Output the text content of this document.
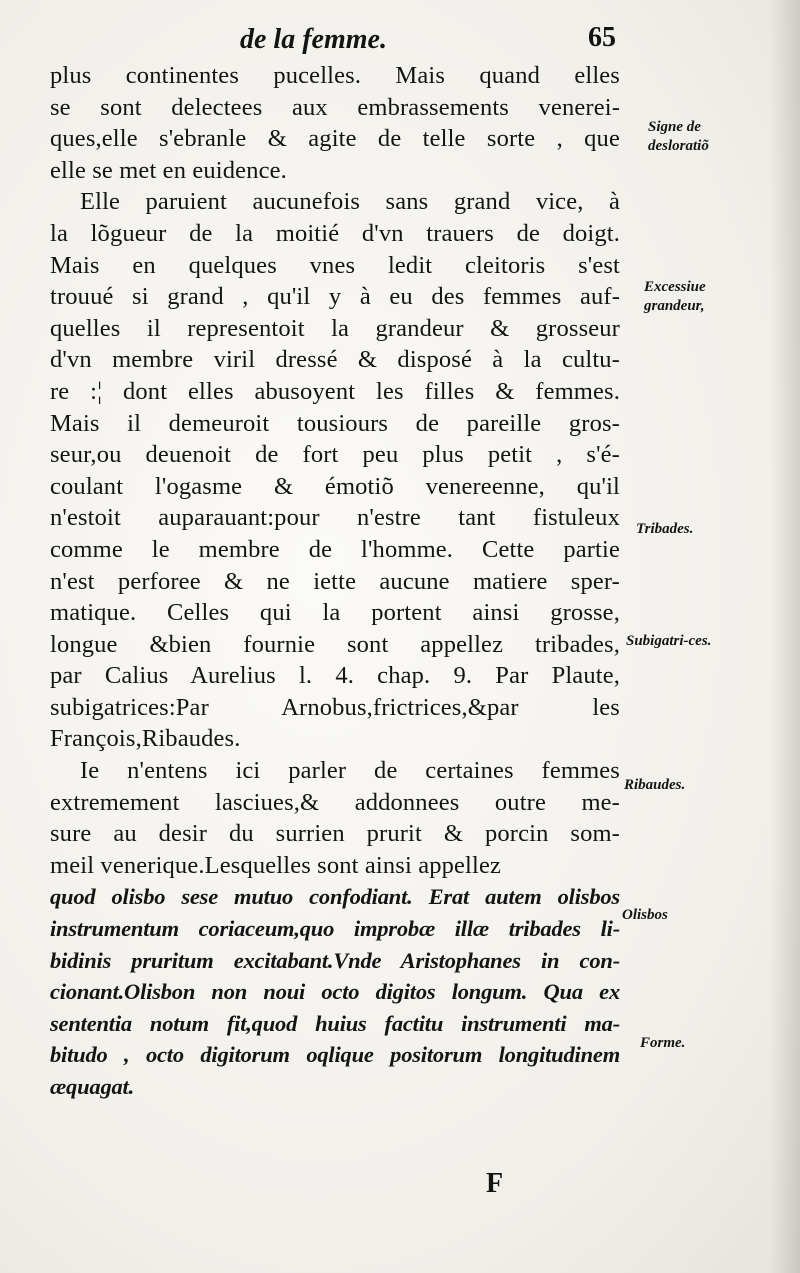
de la femme.	65
plus continentes pucelles. Mais quand elles
se sont delectees aux embrassements venerei-
ques,elle s'ebranle & agite de telle sorte , que
elle se met en euidence.
Elle paruient aucunefois sans grand vice, à
la lõgueur de la moitié d'vn trauers de doigt.
Mais en quelques vnes ledit cleitoris s'est
trouué si grand , qu'il y à eu des femmes auf-
quelles il representoit la grandeur & grosseur
d'vn membre viril dressé & disposé à la cultu-
re :¦ dont elles abusoyent les filles & femmes.
Mais il demeuroit tousiours de pareille gros-
seur,ou deuenoit de fort peu plus petit , s'é-
coulant l'ogasme & émotiõ venereenne, qu'il
n'estoit auparauant:pour n'estre tant fistuleux
comme le membre de l'homme. Cette partie
n'est perforee & ne iette aucune matiere sper-
matique. Celles qui la portent ainsi grosse,
longue &bien fournie sont appellez tribades,
par Calius Aurelius l. 4. chap. 9. Par Plaute,
subigatrices:Par Arnobus,frictrices,&par les
François,Ribaudes.
Ie n'entens ici parler de certaines femmes
extremement lasciues,& addonnees outre me-
sure au desir du surrien prurit & porcin som-
meil venerique.Lesquelles sont ainsi appellez
quod olisbo sese mutuo confodiant. Erat autem olisbos
instrumentum coriaceum,quo improbæ illæ tribades li-
bidinis pruritum excitabant.Vnde Aristophanes in con-
cionant.Olisbon non noui octo digitos longum. Qua ex
sententia notum fit,quod huius factitu instrumenti ma-
bitudo , octo digitorum oqlique positorum longitudinem
æquagat.
Signe de desloratiõ
Excessiue grandeur,
Tribades.
Subigatri-ces.
Ribaudes.
Olisbos
Forme.
F
